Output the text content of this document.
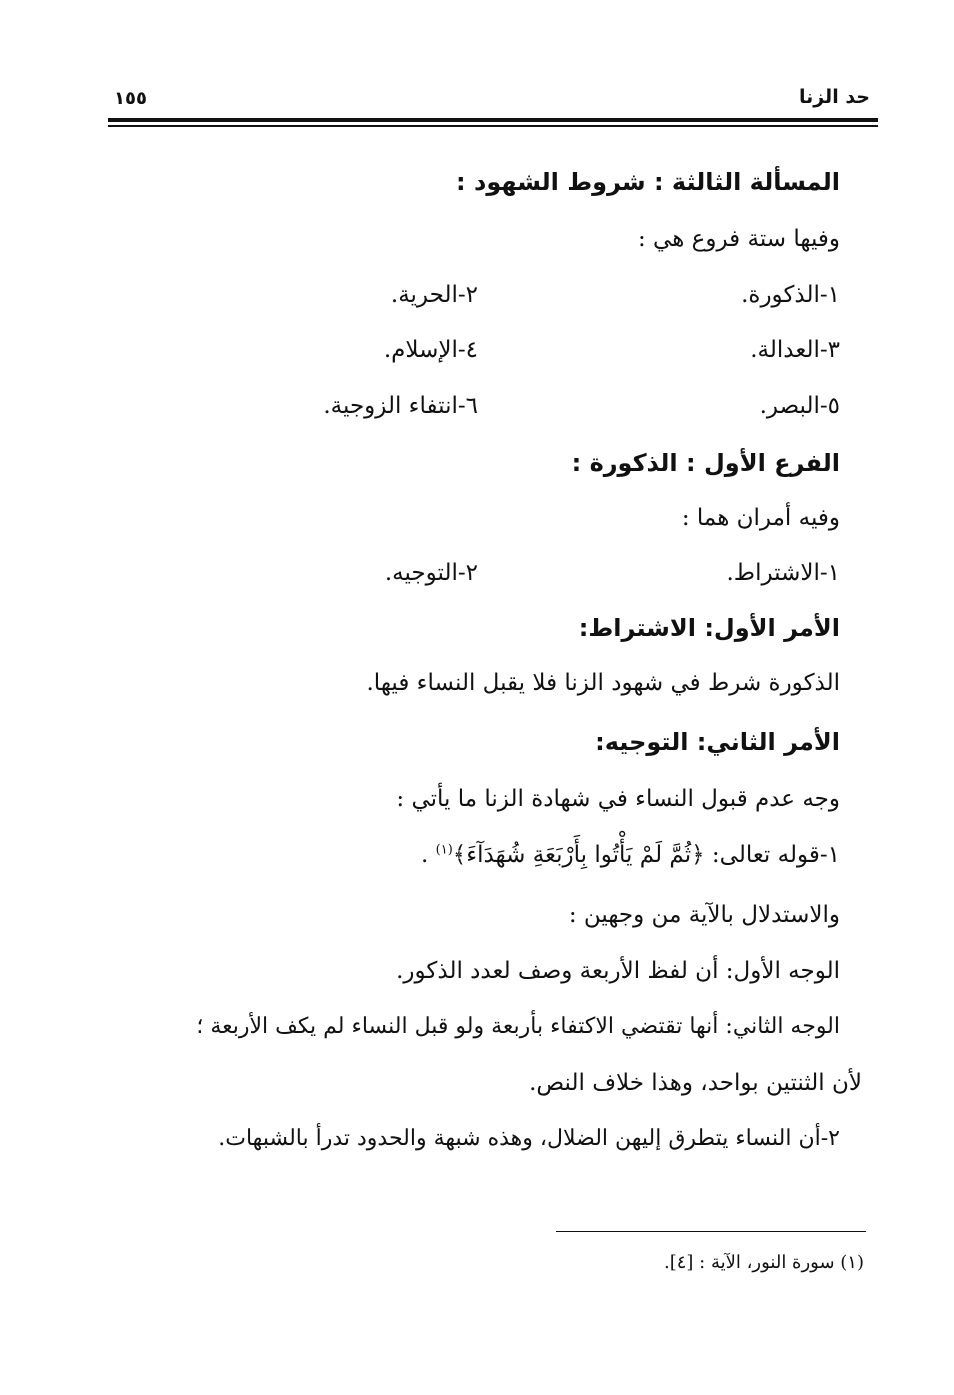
حد الزنا
١٥٥
المسألة الثالثة : شروط الشهود :
وفيها ستة فروع هي :
١-الذكورة.
٢-الحرية.
٣-العدالة.
٤-الإسلام.
٥-البصر.
٦-انتفاء الزوجية.
الفرع الأول : الذكورة :
وفيه أمران هما :
١-الاشتراط.
٢-التوجيه.
الأمر الأول: الاشتراط:
الذكورة شرط في شهود الزنا فلا يقبل النساء فيها.
الأمر الثاني: التوجيه:
وجه عدم قبول النساء في شهادة الزنا ما يأتي :
١-قوله تعالى: ﴿ثُمَّ لَمْ يَأْتُوا بِأَرْبَعَةِ شُهَدَآءَ﴾$^{(١)}$ .
والاستدلال بالآية من وجهين :
الوجه الأول: أن لفظ الأربعة وصف لعدد الذكور.
الوجه الثاني: أنها تقتضي الاكتفاء بأربعة ولو قبل النساء لم يكف الأربعة ؛
لأن الثنتين بواحد، وهذا خلاف النص.
٢-أن النساء يتطرق إليهن الضلال، وهذه شبهة والحدود تدرأ بالشبهات.
(١) سورة النور، الآية : [٤].
